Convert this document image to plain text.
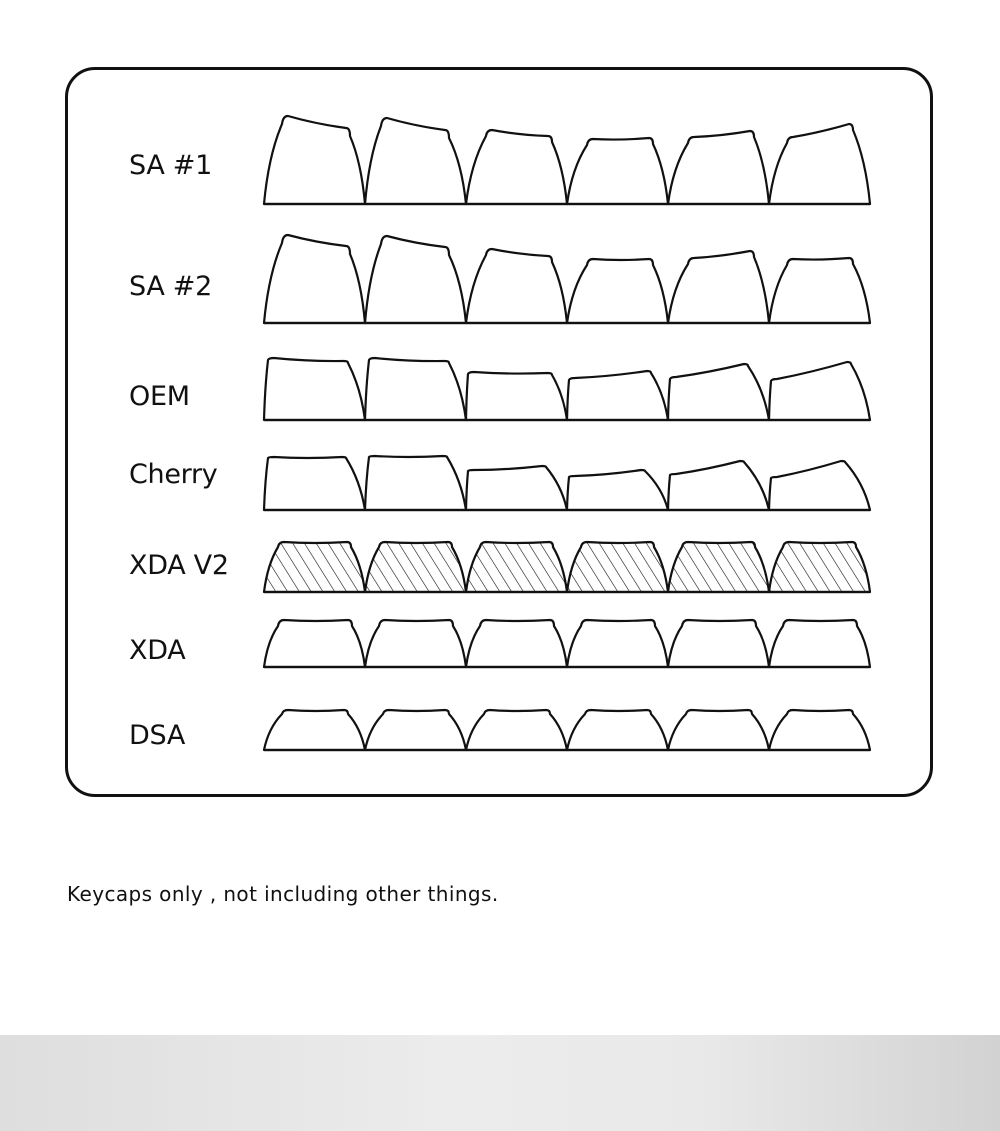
SA #1
SA #2
OEM
Cherry
XDA V2
XDA
DSA
Keycaps only , not including other things.
